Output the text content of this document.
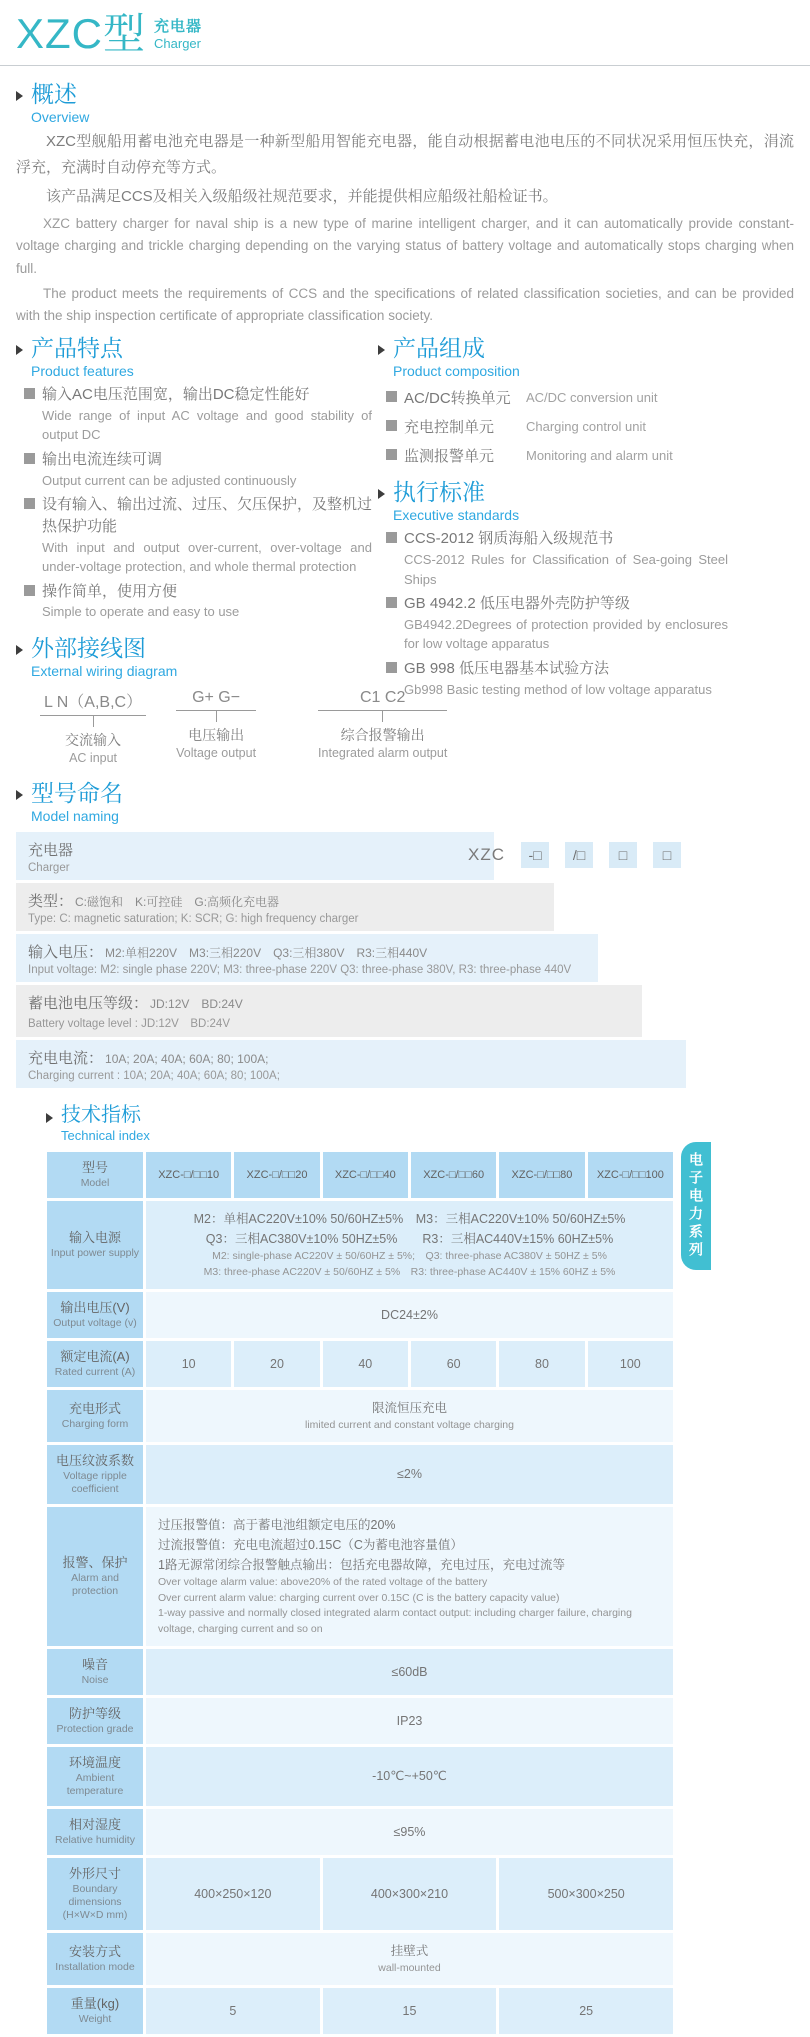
XZC型 充电器
Charger
概述
Overview

XZC型舰船用蓄电池充电器是一种新型船用智能充电器，能自动根据蓄电池电压的不同状况采用恒压快充，涓流浮充，充满时自动停充等方式。

该产品满足CCS及相关入级船级社规范要求，并能提供相应船级社船检证书。

XZC battery charger for naval ship is a new type of marine intelligent charger, and it can automatically provide constant-voltage charging and trickle charging depending on the varying status of battery voltage and automatically stops charging when full.

The product meets the requirements of CCS and the specifications of related classification societies, and can be provided with the ship inspection certificate of appropriate classification society.

产品特点
Product features
输入AC电压范围宽，输出DC稳定性能好
Wide range of input AC voltage and good stability of output DC
输出电流连续可调
Output current can be adjusted continuously
设有输入、输出过流、过压、欠压保护，及整机过热保护功能
With input and output over-current, over-voltage and under-voltage protection, and whole thermal protection
操作简单，使用方便
Simple to operate and easy to use
外部接线图
External wiring diagram
L N（A,B,C）
交流输入
AC input
G+ G−
电压输出
Voltage output
C1 C2
综合报警输出
Integrated alarm output
产品组成
Product composition
AC/DC转换单元 AC/DC conversion unit
充电控制单元 Charging control unit
监测报警单元 Monitoring and alarm unit
执行标准
Executive standards
CCS-2012 钢质海船入级规范书
CCS-2012 Rules for Classification of Sea-going Steel Ships
GB 4942.2 低压电器外壳防护等级
GB4942.2Degrees of protection provided by enclosures for low voltage apparatus
GB 998 低压电器基本试验方法
Gb998 Basic testing method of low voltage apparatus
型号命名
Model naming
XZC	-□	/□	□	□
充电器
Charger
类型： C:磁饱和　K:可控硅　G:高频化充电器
Type: C: magnetic saturation; K: SCR; G: high frequency charger
输入电压： M2:单相220V　M3:三相220V　Q3:三相380V　R3:三相440V
Input voltage: M2: single phase 220V; M3: three-phase 220V Q3: three-phase 380V, R3: three-phase 440V
蓄电池电压等级： JD:12V　BD:24V
Battery voltage level : JD:12V　BD:24V
充电电流： 10A; 20A; 40A; 60A; 80; 100A;
Charging current : 10A; 20A; 40A; 60A; 80; 100A;
技术指标
Technical index
型号
Model	XZC-□/□□10	XZC-□/□□20	XZC-□/□□40	XZC-□/□□60	XZC-□/□□80	XZC-□/□□100

输入电源
Input power supply

M2：单相AC220V±10% 50/60HZ±5%　M3：三相AC220V±10% 50/60HZ±5%
Q3：三相AC380V±10% 50HZ±5%　　R3：三相AC440V±15% 60HZ±5%
M2: single-phase AC220V ± 50/60HZ ± 5%;　Q3: three-phase AC380V ± 50HZ ± 5%
M3: three-phase AC220V ± 50/60HZ ± 5%　R3: three-phase AC440V ± 15% 60HZ ± 5%

输出电压(V)
Output voltage (v)	DC24±2%					

额定电流(A)
Rated current (A)	10	20	40	60	80	100

充电形式
Charging form

限流恒压充电
limited current and constant voltage charging

电压纹波系数
Voltage ripple coefficient	≤2%					

报警、保护
Alarm and protection

过压报警值：高于蓄电池组额定电压的20%
过流报警值：充电电流超过0.15C（C为蓄电池容量值）
1路无源常闭综合报警触点输出：包括充电器故障，充电过压，充电过流等
Over voltage alarm value: above20% of the rated voltage of the battery
Over current alarm value: charging current over 0.15C (C is the battery capacity value)
1-way passive and normally closed integrated alarm contact output: including charger failure, charging voltage, charging current and so on

噪音
Noise	≤60dB					

防护等级
Protection grade	IP23					

环境温度
Ambient temperature	-10℃~+50℃					

相对湿度
Relative humidity	≤95%					

外形尺寸
Boundary dimensions (H×W×D mm)	400×250×120		400×300×210		500×300×250	

安装方式
Installation mode

挂壁式
wall-mounted

重量(kg)
Weight	5		15		25	
电子电力系列
